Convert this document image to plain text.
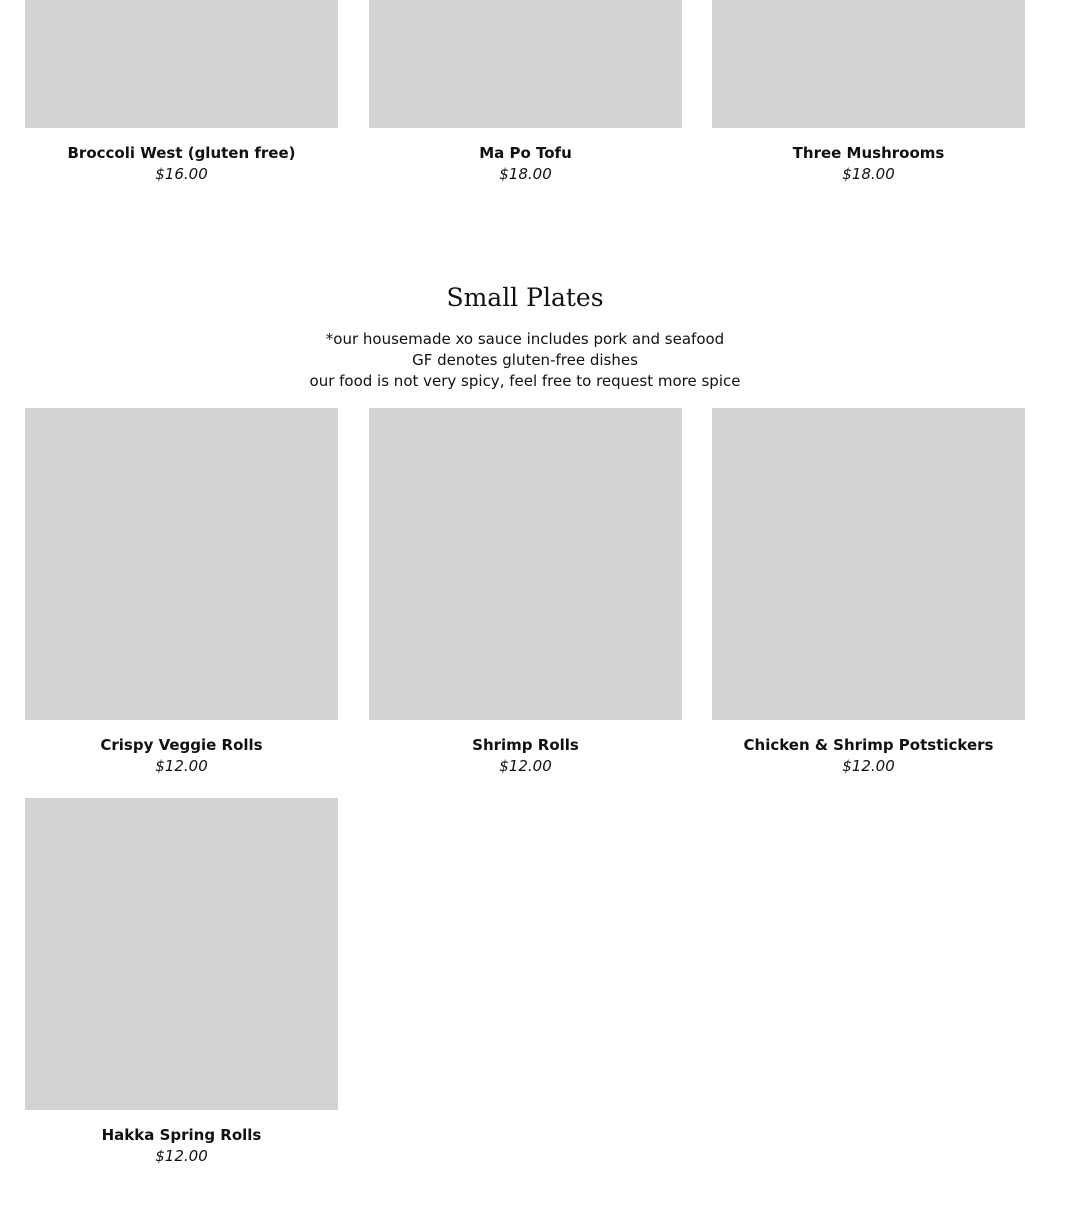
Broccoli West (gluten free)
$16.00
Ma Po Tofu
$18.00
Three Mushrooms
$18.00
Small Plates
*our housemade xo sauce includes pork and seafood
GF denotes gluten-free dishes
our food is not very spicy, feel free to request more spice
Crispy Veggie Rolls
$12.00
Shrimp Rolls
$12.00
Chicken & Shrimp Potstickers
$12.00
Hakka Spring Rolls
$12.00
